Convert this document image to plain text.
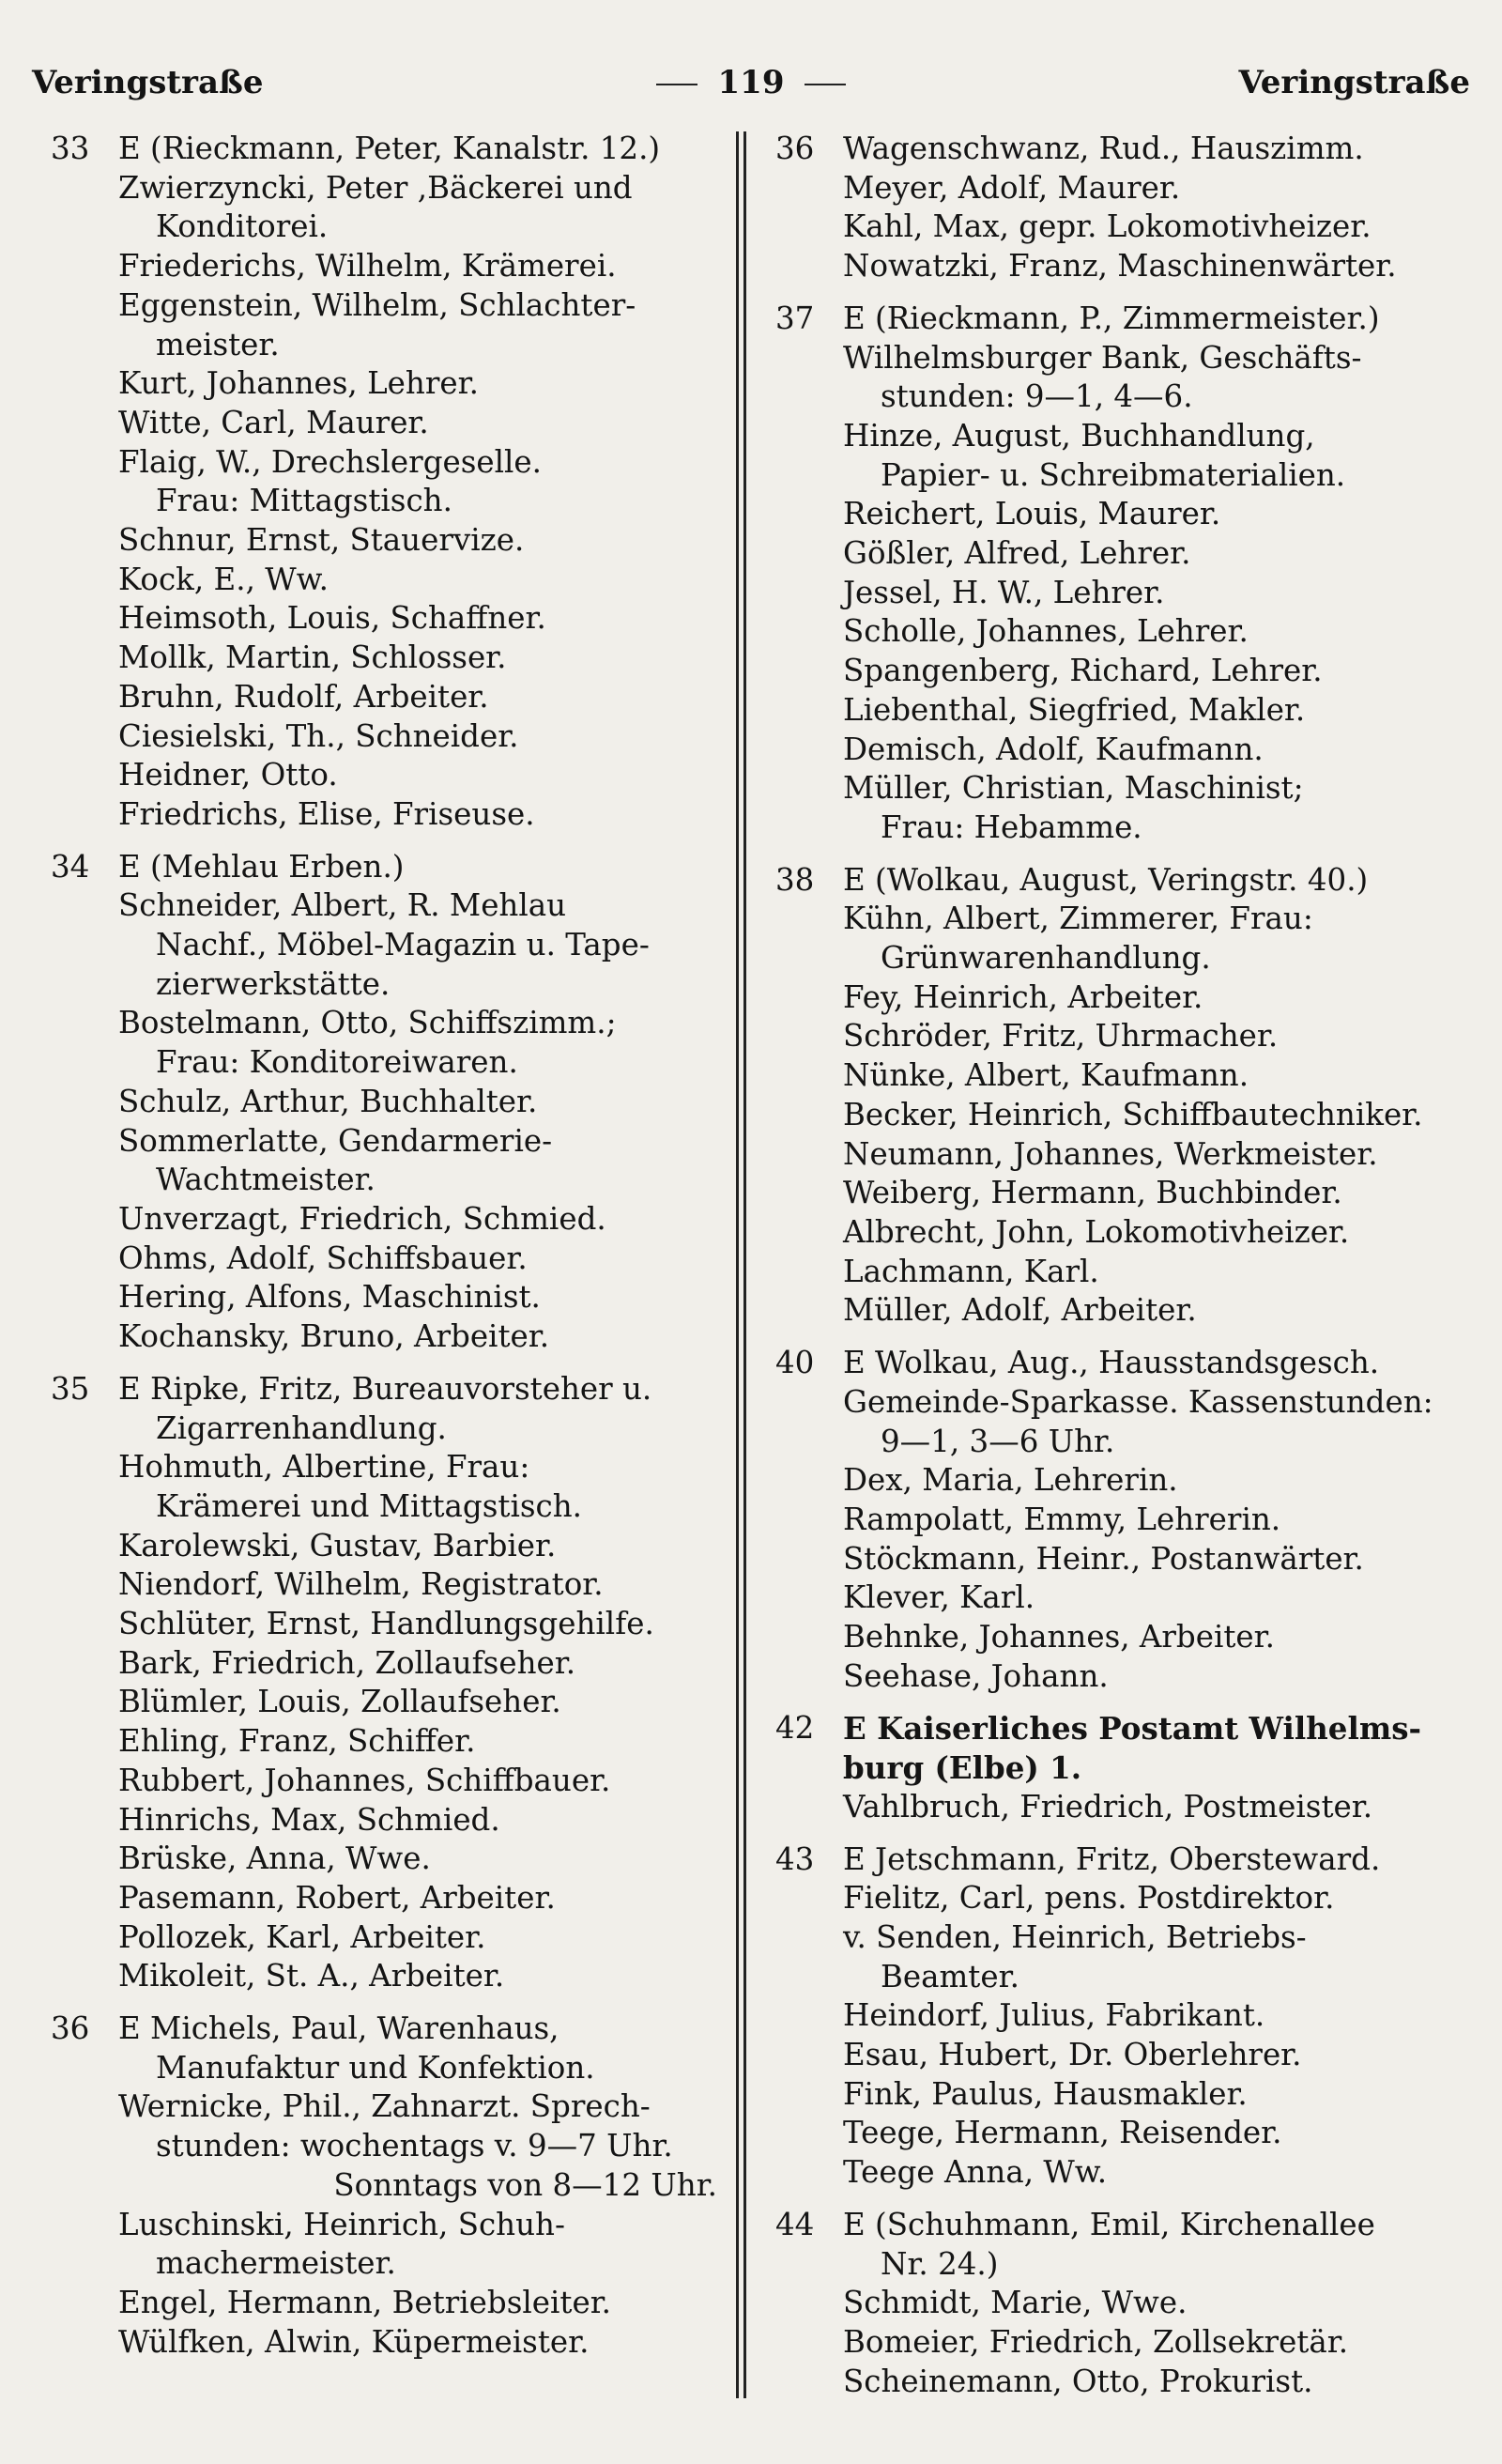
Veringstraße	119	Veringstraße
33 E (Rieckmann, Peter, Kanalstr. 12.)
Zwierzyncki, Peter ,Bäckerei und
Konditorei.
Friederichs, Wilhelm, Krämerei.
Eggenstein, Wilhelm, Schlachter-
meister.
Kurt, Johannes, Lehrer.
Witte, Carl, Maurer.
Flaig, W., Drechslergeselle.
Frau: Mittagstisch.
Schnur, Ernst, Stauervize.
Kock, E., Ww.
Heimsoth, Louis, Schaffner.
Mollk, Martin, Schlosser.
Bruhn, Rudolf, Arbeiter.
Ciesielski, Th., Schneider.
Heidner, Otto.
Friedrichs, Elise, Friseuse.
34 E (Mehlau Erben.)
Schneider, Albert, R. Mehlau
Nachf., Möbel-Magazin u. Tape-
zierwerkstätte.
Bostelmann, Otto, Schiffszimm.;
Frau: Konditoreiwaren.
Schulz, Arthur, Buchhalter.
Sommerlatte, Gendarmerie-
Wachtmeister.
Unverzagt, Friedrich, Schmied.
Ohms, Adolf, Schiffsbauer.
Hering, Alfons, Maschinist.
Kochansky, Bruno, Arbeiter.
35 E Ripke, Fritz, Bureauvorsteher u.
Zigarrenhandlung.
Hohmuth, Albertine, Frau:
Krämerei und Mittagstisch.
Karolewski, Gustav, Barbier.
Niendorf, Wilhelm, Registrator.
Schlüter, Ernst, Handlungsgehilfe.
Bark, Friedrich, Zollaufseher.
Blümler, Louis, Zollaufseher.
Ehling, Franz, Schiffer.
Rubbert, Johannes, Schiffbauer.
Hinrichs, Max, Schmied.
Brüske, Anna, Wwe.
Pasemann, Robert, Arbeiter.
Pollozek, Karl, Arbeiter.
Mikoleit, St. A., Arbeiter.
36 E Michels, Paul, Warenhaus,
Manufaktur und Konfektion.
Wernicke, Phil., Zahnarzt. Sprech-
stunden: wochentags v. 9—7 Uhr.
Sonntags von 8—12 Uhr.
Luschinski, Heinrich, Schuh-
machermeister.
Engel, Hermann, Betriebsleiter.
Wülfken, Alwin, Küpermeister.
36 Wagenschwanz, Rud., Hauszimm.
Meyer, Adolf, Maurer.
Kahl, Max, gepr. Lokomotivheizer.
Nowatzki, Franz, Maschinenwärter.
37 E (Rieckmann, P., Zimmermeister.)
Wilhelmsburger Bank, Geschäfts-
stunden: 9—1, 4—6.
Hinze, August, Buchhandlung,
Papier- u. Schreibmaterialien.
Reichert, Louis, Maurer.
Gößler, Alfred, Lehrer.
Jessel, H. W., Lehrer.
Scholle, Johannes, Lehrer.
Spangenberg, Richard, Lehrer.
Liebenthal, Siegfried, Makler.
Demisch, Adolf, Kaufmann.
Müller, Christian, Maschinist;
Frau: Hebamme.
38 E (Wolkau, August, Veringstr. 40.)
Kühn, Albert, Zimmerer, Frau:
Grünwarenhandlung.
Fey, Heinrich, Arbeiter.
Schröder, Fritz, Uhrmacher.
Nünke, Albert, Kaufmann.
Becker, Heinrich, Schiffbautechniker.
Neumann, Johannes, Werkmeister.
Weiberg, Hermann, Buchbinder.
Albrecht, John, Lokomotivheizer.
Lachmann, Karl.
Müller, Adolf, Arbeiter.
40 E Wolkau, Aug., Hausstandsgesch.
Gemeinde-Sparkasse. Kassenstunden:
9—1, 3—6 Uhr.
Dex, Maria, Lehrerin.
Rampolatt, Emmy, Lehrerin.
Stöckmann, Heinr., Postanwärter.
Klever, Karl.
Behnke, Johannes, Arbeiter.
Seehase, Johann.
42 E Kaiserliches Postamt Wilhelms-
burg (Elbe) 1.
Vahlbruch, Friedrich, Postmeister.
43 E Jetschmann, Fritz, Obersteward.
Fielitz, Carl, pens. Postdirektor.
v. Senden, Heinrich, Betriebs-
Beamter.
Heindorf, Julius, Fabrikant.
Esau, Hubert, Dr. Oberlehrer.
Fink, Paulus, Hausmakler.
Teege, Hermann, Reisender.
Teege Anna, Ww.
44 E (Schuhmann, Emil, Kirchenallee
Nr. 24.)
Schmidt, Marie, Wwe.
Bomeier, Friedrich, Zollsekretär.
Scheinemann, Otto, Prokurist.
